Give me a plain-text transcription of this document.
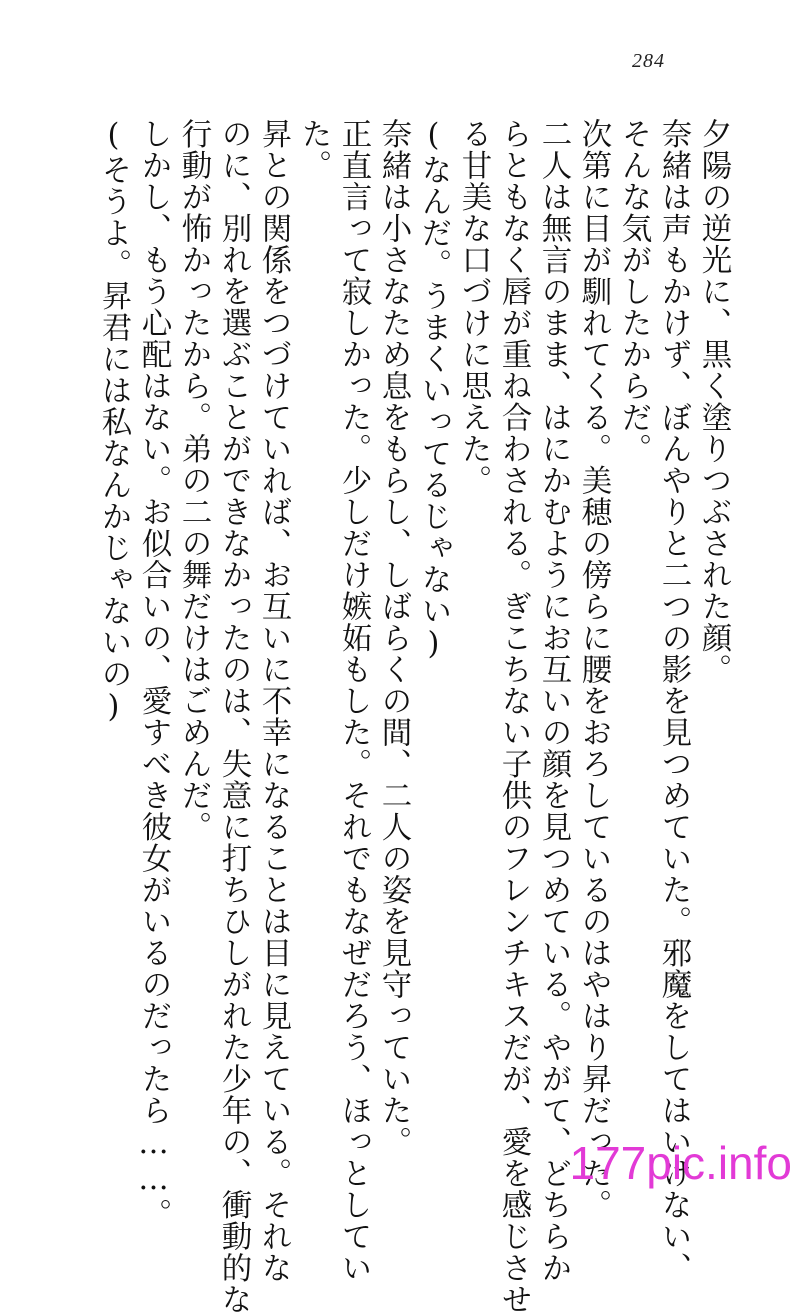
284
夕陽の逆光に、黒く塗りつぶされた顔。
奈緒は声もかけず、ぼんやりと二つの影を見つめていた。邪魔をしてはいけない、
そんな気がしたからだ。
次第に目が馴れてくる。美穂の傍らに腰をおろしているのはやはり昇だった。
二人は無言のまま、はにかむようにお互いの顔を見つめている。やがて、どちらか
らともなく唇が重ね合わされる。ぎこちない子供のフレンチキスだが、愛を感じさせ
る甘美な口づけに思えた。
(なんだ。うまくいってるじゃない)
奈緒は小さなため息をもらし、しばらくの間、二人の姿を見守っていた。
正直言って寂しかった。少しだけ嫉妬もした。それでもなぜだろう、ほっとしてい
た。
昇との関係をつづけていれば、お互いに不幸になることは目に見えている。それな
のに、別れを選ぶことができなかったのは、失意に打ちひしがれた少年の、衝動的な
行動が怖かったから。弟の二の舞だけはごめんだ。
しかし、もう心配はない。お似合いの、愛すべき彼女がいるのだったら……。
(そうよ。昇君には私なんかじゃないの)
177pic.info
